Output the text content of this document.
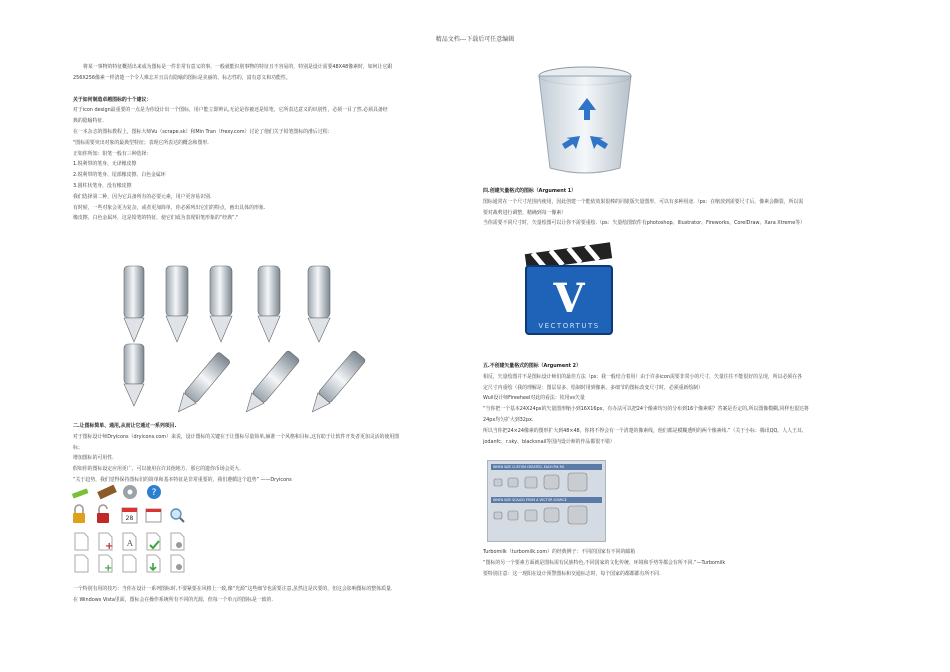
精品文档---下载后可任意编辑

将某一事物的特征概括出来成为图标是一件非常有意义的事，一般就能识别事物的特征且不容易的，特别是设计需要48X48像素时，如何让它跟

256X256像素一样清楚一个令人难忘并且具有隐喻的图标是美丽的、标志性的，富有意义和功能性。

关于如何制造卓越图标的十个建议：

对于icon design最重要的一点是为你设计出一个图标，用户能立即辨认,无论是你被还是铅笔，它所表达意义的识别性，必须一目了然.必须具备经

典的隐喻特征.

在一本杂志的图标教程上，图标大师Vu（scrape.sk）和Min Tran（frexy.com）讨论了他们关于铅笔图标的滑后过程：

"图标需要突出对象的最典型特征；表现它所表达的概念和图形.

正如你所知：铅笔一般有三种选择：

1.锐利带的笔身、无译橡皮擦

2.锐利带的笔身、尾部橡皮擦、白色金属环

3.圆柱状笔身，没有橡皮擦

我们选择第二种，因为它具备所有的必要元素，用户更容易识别.

有时候，一些对象会更为复杂，或者更加简单，你必须列出它们的特点，画出具体的形象.

橡皮擦、白色金属环，这是铅笔的特征，使它们成为表现铅笔形象的“经典”."

二.让图标简单、通用,从而让它通过一系列项目.

对于图标设计师Dryicons（dryicons.com）来说，设计图标的关键在于让图标尽量简单,赫准一个风格和目标,这有助于让软件开发者更加灵活的使用图标；

增加图标的可用性.

假如你的图标设定应用更广，可以使用在许其他地方，那它的遗你币场会更大.

“关于趋势，我们觉得保持图标们的简单和基本特征是非常重要的，我们遵循这个趋势” ——Dryicons

?
28
+ A
+

一个特别有用的技巧：当你在设计一系列图标时,不要紧要在风格上一致,像“光源”这些细节也需要注意,虽然这是次要的，但这会影响图标的整体质量.

在 Windows Vista里面，图标会在操作系统所有不同的光源，但每一个单元的图标是一致的.

四.创建矢量格式的图标（Argument 1）

图标通常在一个尺寸范围内使用，因此创建一个能依效果很棒的同银版矢量图形，可以有多种用途.（ps：在缩放到需要尺寸后，像素会撕裂，所以需

要对裁剪进行调整，精确到每一像素）

当你需要不同尺寸时，矢量绘图可以让你不需要重绘.（ps：矢量绘图软件有photoshop、Illustrator、Fireworks、CorelDraw、Xara Xtreme等）

V
VECTORTUTS

五.不创建矢量格式的图标（Argument 2）

相反，矢量绘图并不是图标设计师们的最佳方法（ps：我一般结合着用）由于许多icon需要非常小的尺寸，矢量往往不能很好的呈现，所以必须在各

定尺寸内重绘（我的理解是：图层显多、绘制时用到像素、多细节的图标改变尺寸时，必须重新绘制）

Wuil设计师Fireeheel对此的看法：钦用vs矢量

“当你把一个基本24X24px的矢量图形缩小到16X16px，有办法可以把24个像素均匀的分布到16个像素呢？答案是否定的,所以图像模糊,同样也很达将

24px均匀扩大到32px.

所以当你把24×24像素的图形扩大到48×48，你将不得会有一个清楚的像素线，他们都是模糊透明的两个像素线.”（关于小标：腾讯QQ、人人王耳、

jodanfc、r.sky、blacksnail等国内设计师的作品都很不错）

WHEN SIZE CUSTOM CREATED, EACH PIX RG
WHEN SIZE SCALED FROM A VECTOR SOURCE

Turbomilk（turbomilk.com）的经典例子：不同的国家有不同的邮箱

“图标的另一个要素方面就是图标需有民族特色,不同国家的文化传统、环境和手势等都会有所不同.”—Turbomilk

要特别注意：这一现阳在设计预警图标和交通标志时，每个国家的都都都有所不同.
